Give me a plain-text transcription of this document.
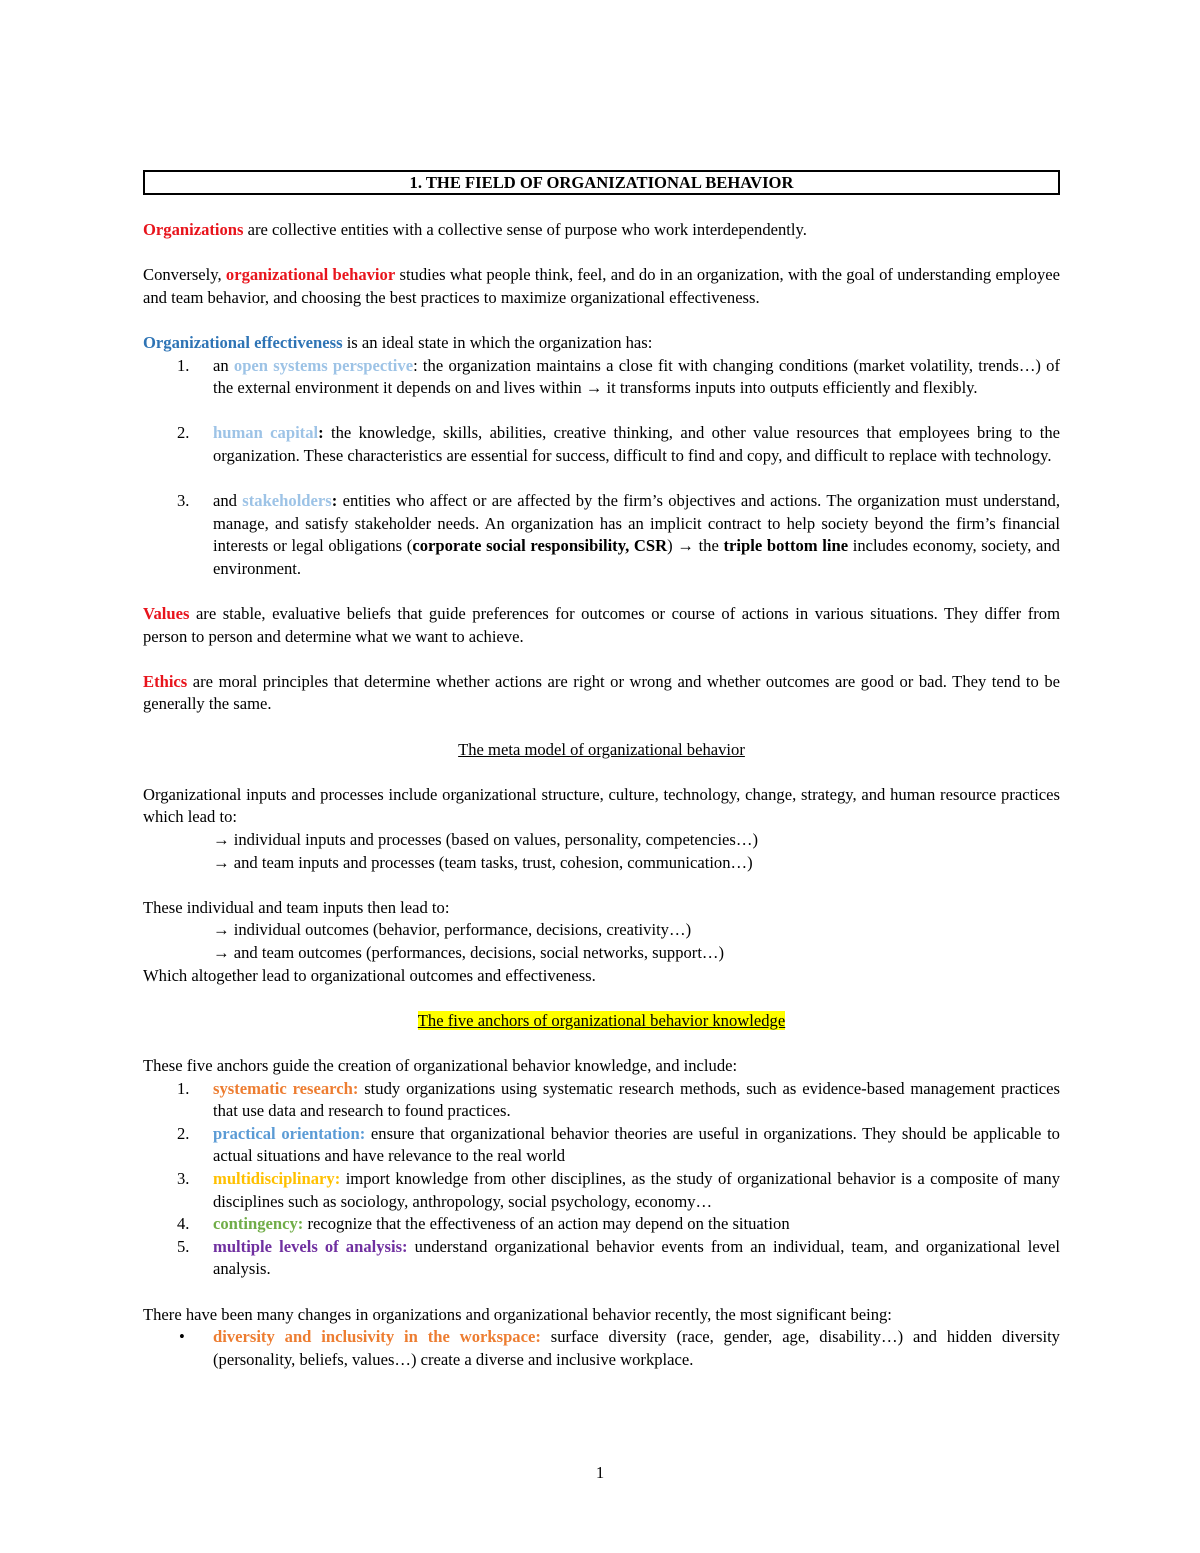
1. THE FIELD OF ORGANIZATIONAL BEHAVIOR

Organizations are collective entities with a collective sense of purpose who work interdependently.

Conversely, organizational behavior studies what people think, feel, and do in an organization, with the goal of understanding employee and team behavior, and choosing the best practices to maximize organizational effectiveness.

Organizational effectiveness is an ideal state in which the organization has:
1. an open systems perspective: the organization maintains a close fit with changing conditions (market volatility, trends…) of the external environment it depends on and lives within → it transforms inputs into outputs efficiently and flexibly.
2. human capital: the knowledge, skills, abilities, creative thinking, and other value resources that employees bring to the organization. These characteristics are essential for success, difficult to find and copy, and difficult to replace with technology.
3. and stakeholders: entities who affect or are affected by the firm’s objectives and actions. The organization must understand, manage, and satisfy stakeholder needs. An organization has an implicit contract to help society beyond the firm’s financial interests or legal obligations (corporate social responsibility, CSR) → the triple bottom line includes economy, society, and environment.

Values are stable, evaluative beliefs that guide preferences for outcomes or course of actions in various situations. They differ from person to person and determine what we want to achieve.

Ethics are moral principles that determine whether actions are right or wrong and whether outcomes are good or bad. They tend to be generally the same.

The meta model of organizational behavior

Organizational inputs and processes include organizational structure, culture, technology, change, strategy, and human resource practices which lead to:
→ individual inputs and processes (based on values, personality, competencies…)
→ and team inputs and processes (team tasks, trust, cohesion, communication…)
These individual and team inputs then lead to:
→ individual outcomes (behavior, performance, decisions, creativity…)
→ and team outcomes (performances, decisions, social networks, support…)
Which altogether lead to organizational outcomes and effectiveness.

The five anchors of organizational behavior knowledge

These five anchors guide the creation of organizational behavior knowledge, and include:
1. systematic research: study organizations using systematic research methods, such as evidence-based management practices that use data and research to found practices.
2. practical orientation: ensure that organizational behavior theories are useful in organizations. They should be applicable to actual situations and have relevance to the real world
3. multidisciplinary: import knowledge from other disciplines, as the study of organizational behavior is a composite of many disciplines such as sociology, anthropology, social psychology, economy…
4. contingency: recognize that the effectiveness of an action may depend on the situation
5. multiple levels of analysis: understand organizational behavior events from an individual, team, and organizational level analysis.
There have been many changes in organizations and organizational behavior recently, the most significant being:
• diversity and inclusivity in the workspace: surface diversity (race, gender, age, disability…) and hidden diversity (personality, beliefs, values…) create a diverse and inclusive workplace.
1
